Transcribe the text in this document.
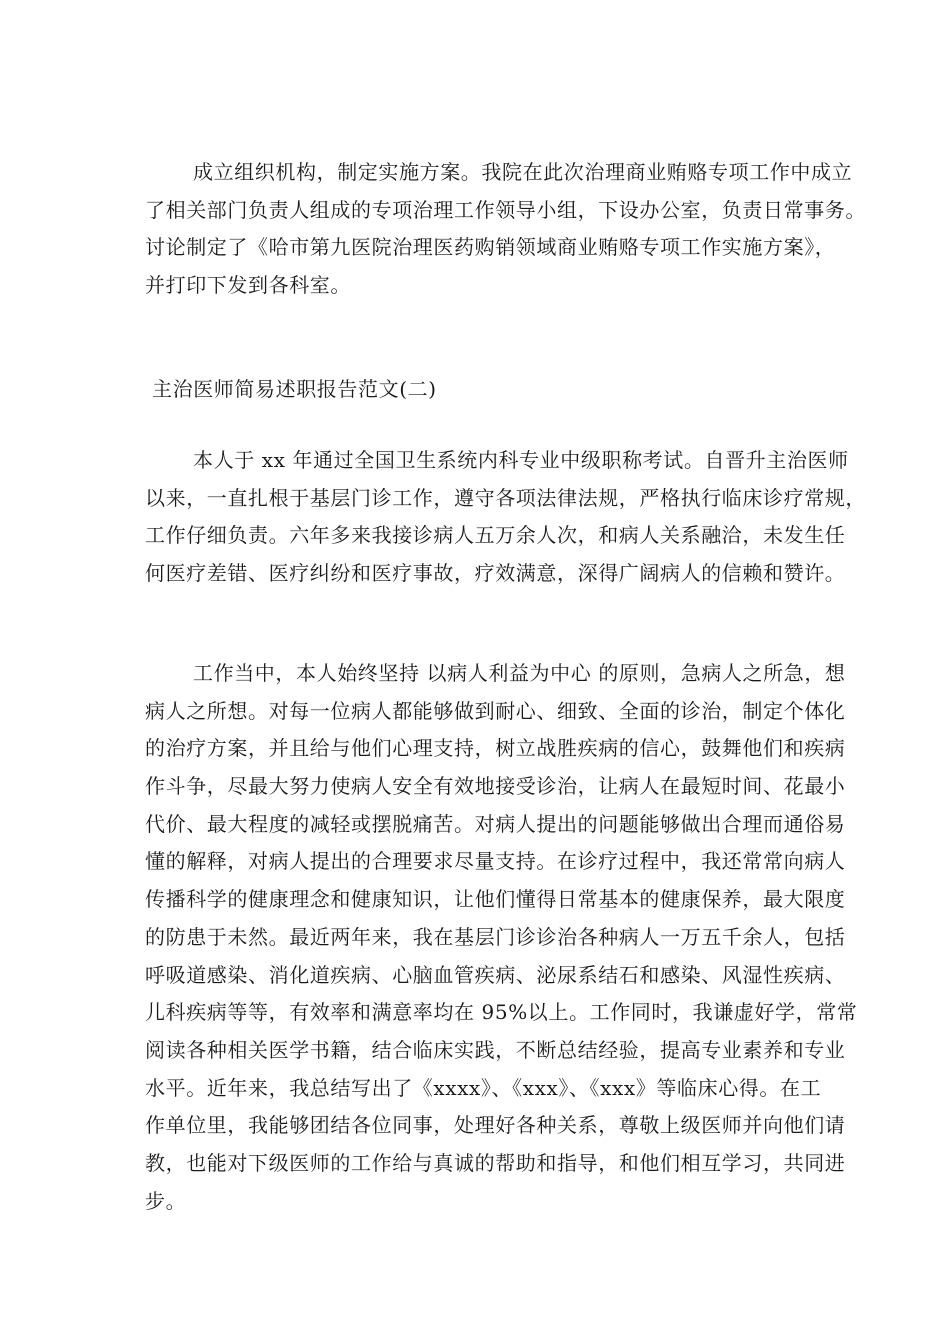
成立组织机构，制定实施方案。我院在此次治理商业贿赂专项工作中成立
了相关部门负责人组成的专项治理工作领导小组，下设办公室，负责日常事务。
讨论制定了《哈市第九医院治理医药购销领域商业贿赂专项工作实施方案》，
并打印下发到各科室。
主治医师简易述职报告范文(二)
本人于 xx 年通过全国卫生系统内科专业中级职称考试。自晋升主治医师
以来，一直扎根于基层门诊工作，遵守各项法律法规，严格执行临床诊疗常规，
工作仔细负责。六年多来我接诊病人五万余人次，和病人关系融洽，未发生任
何医疗差错、医疗纠纷和医疗事故，疗效满意，深得广阔病人的信赖和赞许。
工作当中，本人始终坚持 以病人利益为中心 的原则，急病人之所急，想
病人之所想。对每一位病人都能够做到耐心、细致、全面的诊治，制定个体化
的治疗方案，并且给与他们心理支持，树立战胜疾病的信心，鼓舞他们和疾病
作斗争，尽最大努力使病人安全有效地接受诊治，让病人在最短时间、花最小
代价、最大程度的减轻或摆脱痛苦。对病人提出的问题能够做出合理而通俗易
懂的解释，对病人提出的合理要求尽量支持。在诊疗过程中，我还常常向病人
传播科学的健康理念和健康知识，让他们懂得日常基本的健康保养，最大限度
的防患于未然。最近两年来，我在基层门诊诊治各种病人一万五千余人，包括
呼吸道感染、消化道疾病、心脑血管疾病、泌尿系结石和感染、风湿性疾病、
儿科疾病等等，有效率和满意率均在 95%以上。工作同时，我谦虚好学，常常
阅读各种相关医学书籍，结合临床实践，不断总结经验，提高专业素养和专业
水平。近年来，我总结写出了《xxxx》、《xxx》、《xxx》等临床心得。在工
作单位里，我能够团结各位同事，处理好各种关系，尊敬上级医师并向他们请
教，也能对下级医师的工作给与真诚的帮助和指导，和他们相互学习，共同进
步。
